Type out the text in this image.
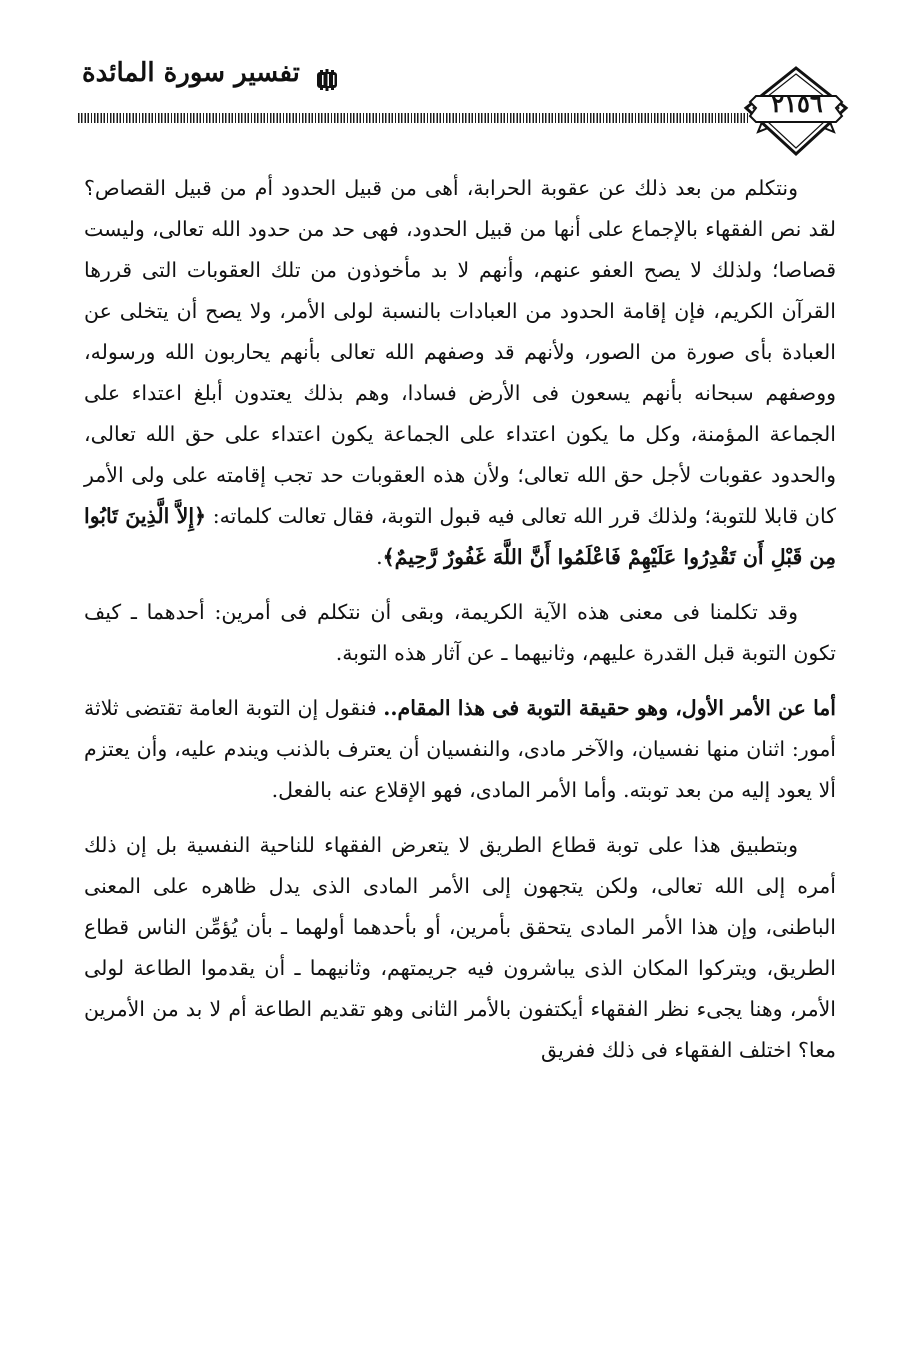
تفسير سورة المائدة
٢١٥٦

ونتكلم من بعد ذلك عن عقوبة الحرابة، أهى من قبيل الحدود أم من قبيل القصاص؟ لقد نص الفقهاء بالإجماع على أنها من قبيل الحدود، فهى حد من حدود الله تعالى، وليست قصاصا؛ ولذلك لا يصح العفو عنهم، وأنهم لا بد مأخوذون من تلك العقوبات التى قررها القرآن الكريم، فإن إقامة الحدود من العبادات بالنسبة لولى الأمر، ولا يصح أن يتخلى عن العبادة بأى صورة من الصور، ولأنهم قد وصفهم الله تعالى بأنهم يحاربون الله ورسوله، ووصفهم سبحانه بأنهم يسعون فى الأرض فسادا، وهم بذلك يعتدون أبلغ اعتداء على الجماعة المؤمنة، وكل ما يكون اعتداء على الجماعة يكون اعتداء على حق الله تعالى، والحدود عقوبات لأجل حق الله تعالى؛ ولأن هذه العقوبات حد تجب إقامته على ولى الأمر كان قابلا للتوبة؛ ولذلك قرر الله تعالى فيه قبول التوبة، فقال تعالت كلماته: ﴿إِلاَّ الَّذِينَ تَابُوا مِن قَبْلِ أَن تَقْدِرُوا عَلَيْهِمْ فَاعْلَمُوا أَنَّ اللَّهَ غَفُورٌ رَّحِيمٌ﴾.

وقد تكلمنا فى معنى هذه الآية الكريمة، وبقى أن نتكلم فى أمرين: أحدهما ـ كيف تكون التوبة قبل القدرة عليهم، وثانيهما ـ عن آثار هذه التوبة.

أما عن الأمر الأول، وهو حقيقة التوبة فى هذا المقام.. فنقول إن التوبة العامة تقتضى ثلاثة أمور: اثنان منها نفسيان، والآخر مادى، والنفسيان أن يعترف بالذنب ويندم عليه، وأن يعتزم ألا يعود إليه من بعد توبته. وأما الأمر المادى، فهو الإقلاع عنه بالفعل.

وبتطبيق هذا على توبة قطاع الطريق لا يتعرض الفقهاء للناحية النفسية بل إن ذلك أمره إلى الله تعالى، ولكن يتجهون إلى الأمر المادى الذى يدل ظاهره على المعنى الباطنى، وإن هذا الأمر المادى يتحقق بأمرين، أو بأحدهما أولهما ـ بأن يُؤمِّن الناس قطاع الطريق، ويتركوا المكان الذى يباشرون فيه جريمتهم، وثانيهما ـ أن يقدموا الطاعة لولى الأمر، وهنا يجىء نظر الفقهاء أيكتفون بالأمر الثانى وهو تقديم الطاعة أم لا بد من الأمرين معا؟ اختلف الفقهاء فى ذلك ففريق
